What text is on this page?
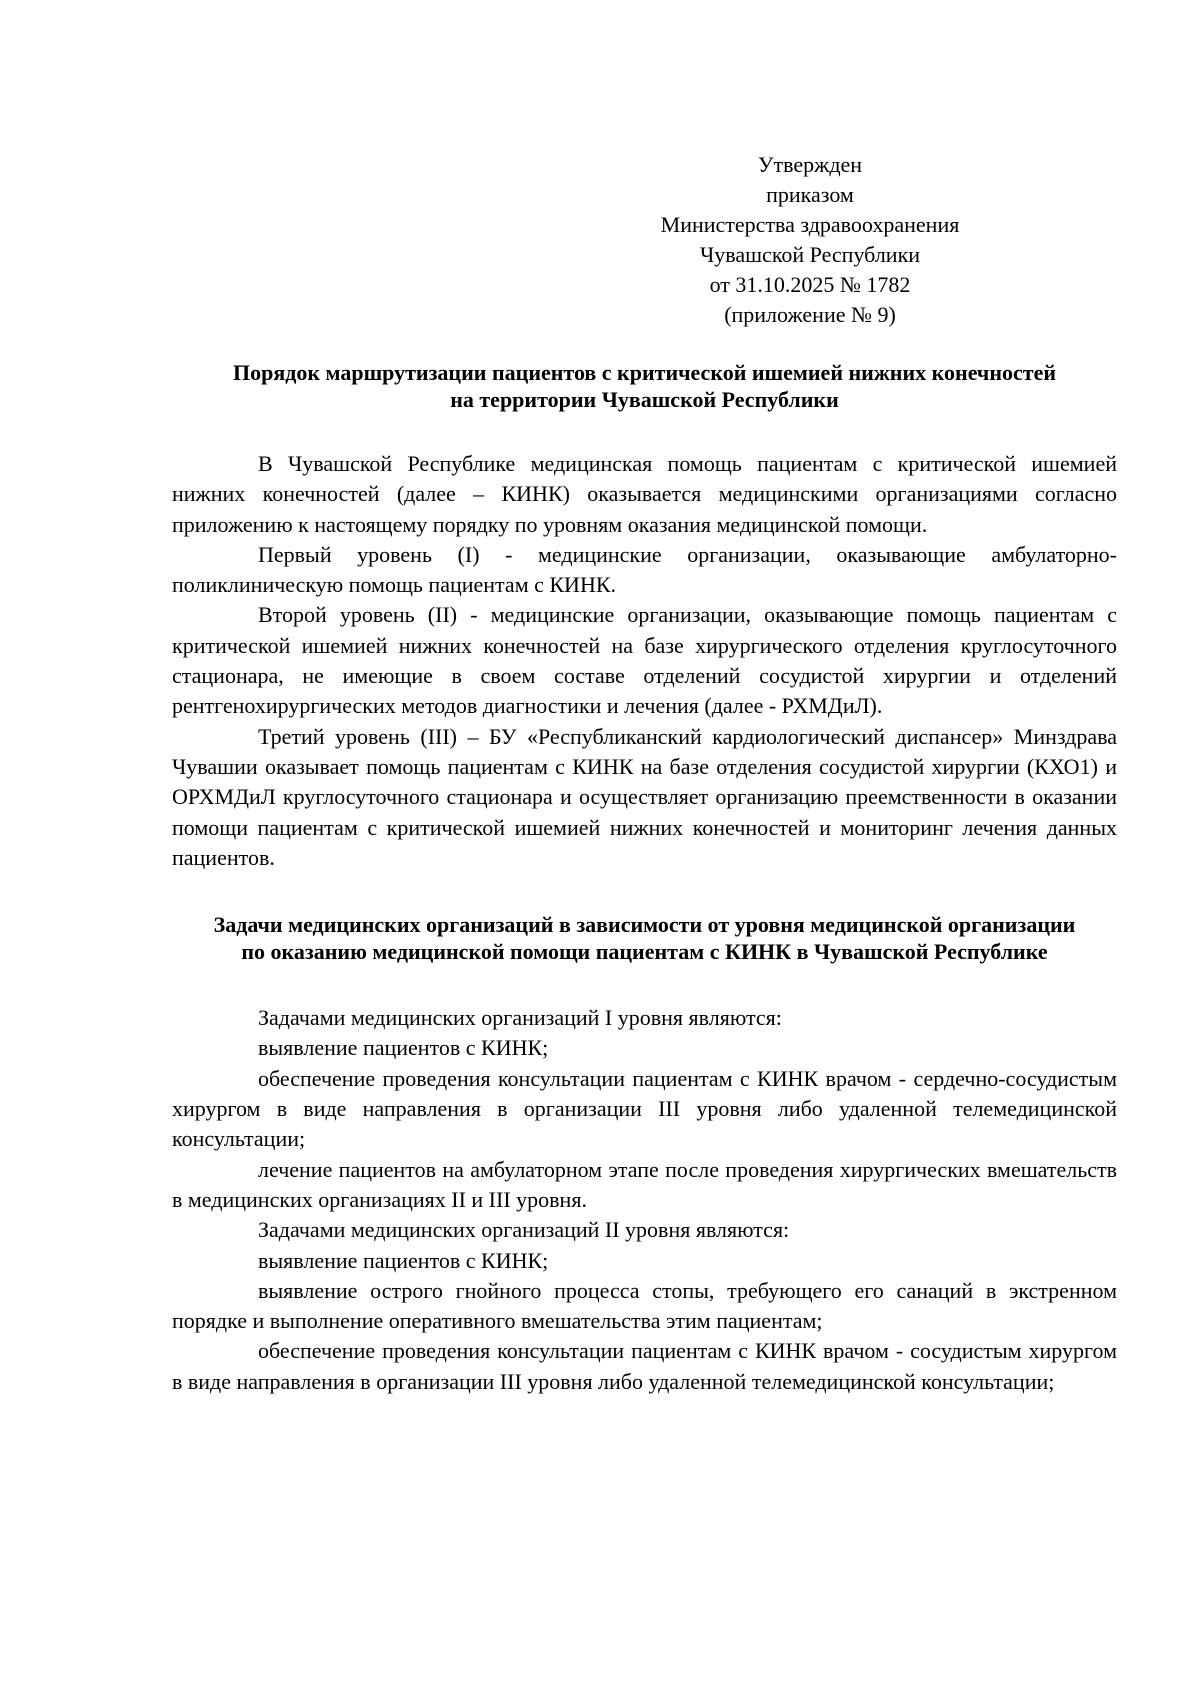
Утвержден
приказом
Министерства здравоохранения
Чувашской Республики
от 31.10.2025 № 1782
(приложение № 9)
Порядок маршрутизации пациентов с критической ишемией нижних конечностей на территории Чувашской Республики

В Чувашской Республике медицинская помощь пациентам с критической ишемией нижних конечностей (далее – КИНК) оказывается медицинскими организациями согласно приложению к настоящему порядку по уровням оказания медицинской помощи.

Первый уровень (I) - медицинские организации, оказывающие амбулаторно-поликлиническую помощь пациентам с КИНК.

Второй уровень (II) - медицинские организации, оказывающие помощь пациентам с критической ишемией нижних конечностей на базе хирургического отделения круглосуточного стационара, не имеющие в своем составе отделений сосудистой хирургии и отделений рентгенохирургических методов диагностики и лечения (далее - РХМДиЛ).

Третий уровень (III) – БУ «Республиканский кардиологический диспансер» Минздрава Чувашии оказывает помощь пациентам с КИНК на базе отделения сосудистой хирургии (КХО1) и ОРХМДиЛ круглосуточного стационара и осуществляет организацию преемственности в оказании помощи пациентам с критической ишемией нижних конечностей и мониторинг лечения данных пациентов.

Задачи медицинских организаций в зависимости от уровня медицинской организации по оказанию медицинской помощи пациентам с КИНК в Чувашской Республике

Задачами медицинских организаций I уровня являются:

выявление пациентов с КИНК;

обеспечение проведения консультации пациентам с КИНК врачом - сердечно-сосудистым хирургом в виде направления в организации III уровня либо удаленной телемедицинской консультации;

лечение пациентов на амбулаторном этапе после проведения хирургических вмешательств в медицинских организациях II и III уровня.

Задачами медицинских организаций II уровня являются:

выявление пациентов с КИНК;

выявление острого гнойного процесса стопы, требующего его санаций в экстренном порядке и выполнение оперативного вмешательства этим пациентам;

обеспечение проведения консультации пациентам с КИНК врачом - сосудистым хирургом в виде направления в организации III уровня либо удаленной телемедицинской консультации;
